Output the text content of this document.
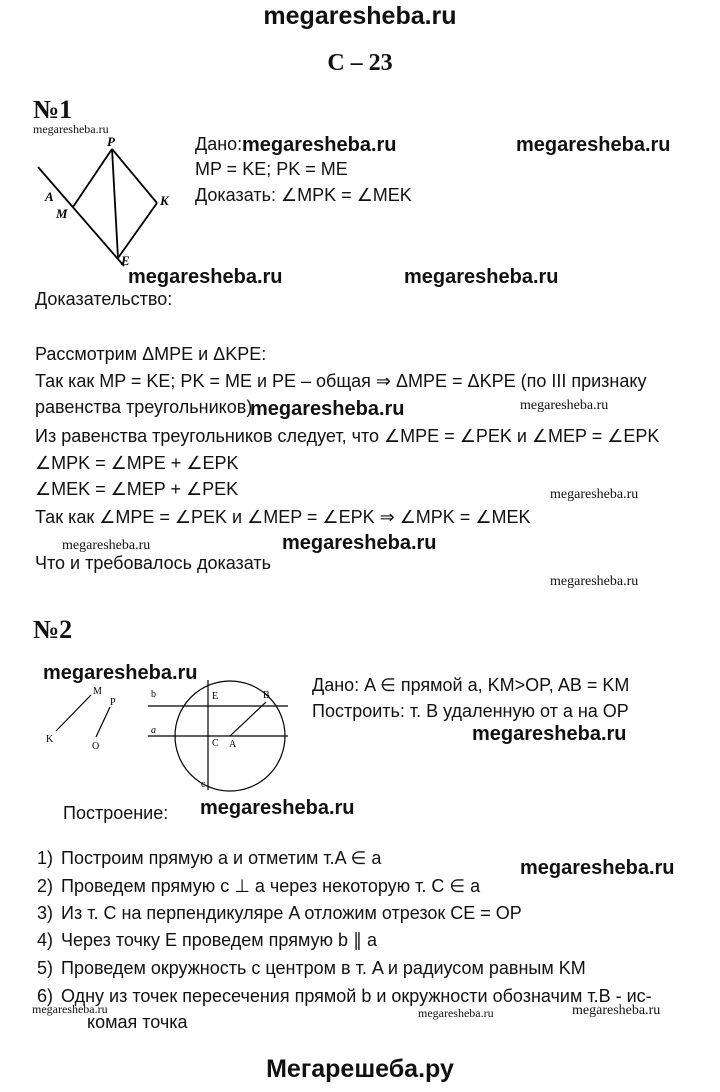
megaresheba.ru
С – 23
№1
megaresheba.ru
P
A
M
K
E
Дано: megaresheba.ru	megaresheba.ru
MP = KE; PK = ME
Доказать: ∠MPK = ∠MEK
megaresheba.ru	megaresheba.ru
Доказательство:
Рассмотрим ΔMPE и ΔKPE:
Так как MP = KE; PK = ME и PE – общая ⇒ ΔMPE = ΔKPE (по III признаку
равенства треугольников)
megaresheba.ru	megaresheba.ru
Из равенства треугольников следует, что ∠MPE = ∠PEK и ∠MEP = ∠EPK
∠MPK = ∠MPE + ∠EPK
∠MEK = ∠MEP + ∠PEK	megaresheba.ru
Так как ∠MPE = ∠PEK и ∠MEP = ∠EPK ⇒ ∠MPK = ∠MEK
megaresheba.ru	megaresheba.ru
Что и требовалось доказать
megaresheba.ru
№2
megaresheba.ru
M
P
K
O
b
a
c
E	B
C A
Дано: A ∈ прямой a, KM>OP, AB = KM
Построить: т. B удаленную от a на OP
megaresheba.ru
megaresheba.ru
Построение:
1) Построим прямую a и отметим т.A ∈ a	megaresheba.ru
2) Проведем прямую c ⊥ a через некоторую т. C ∈ a
3) Из т. C на перпендикуляре A отложим отрезок CE = OP
4) Через точку E проведем прямую b ∥ a
5) Проведем окружность с центром в т. A и радиусом равным KM
6) Одну из точек пересечения прямой b и окружности обозначим т.B - ис-
megaresheba.ru	megaresheba.ru	megaresheba.ru
комая точка
Мегарешеба.ру
